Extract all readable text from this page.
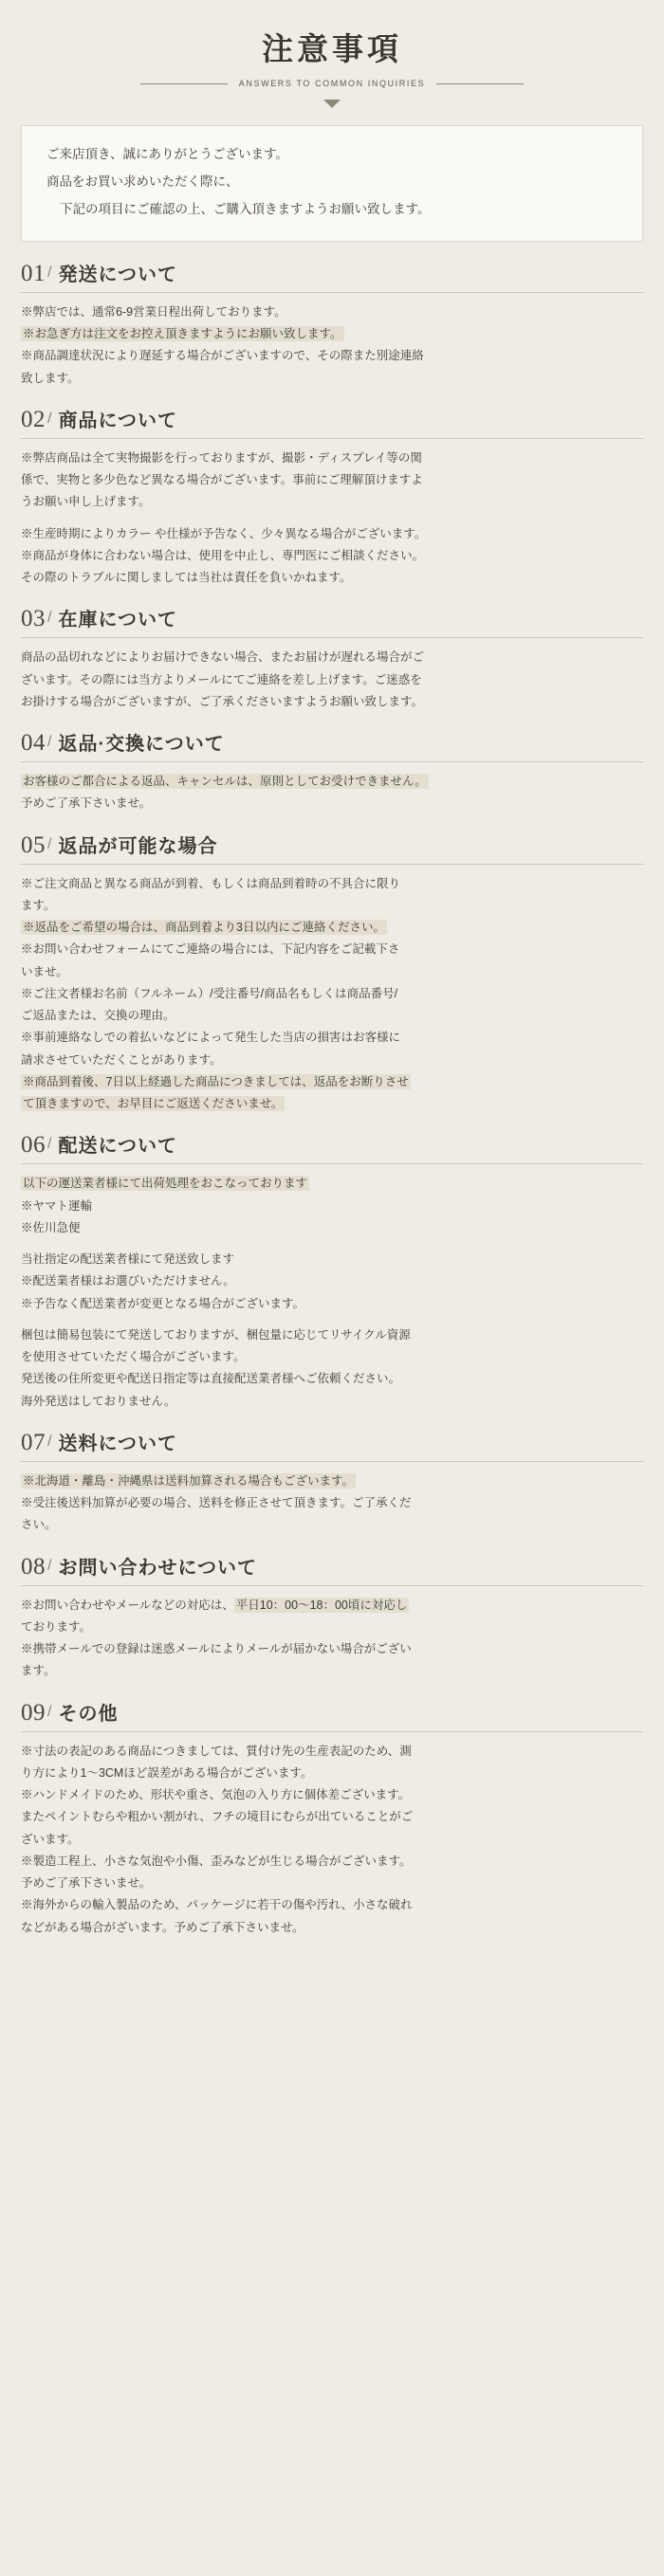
注意事項
ANSWERS TO COMMON INQUIRIES

ご来店頂き、誠にありがとうございます。

商品をお買い求めいただく際に、

下記の項目にご確認の上、ご購入頂きますようお願い致します。

01 / 発送について

※弊店では、通常6-9営業日程出荷しております。

※お急ぎ方は注文をお控え頂きますようにお願い致します。

※商品調達状況により遅延する場合がございますので、その際また別途連絡

致します。

02 / 商品について

※弊店商品は全て実物撮影を行っておりますが、撮影・ディスプレイ等の関

係で、実物と多少色など異なる場合がございます。事前にご理解頂けますよ

うお願い申し上げます。

※生産時期によりカラー や仕様が予告なく、少々異なる場合がございます。

※商品が身体に合わない場合は、使用を中止し、専門医にご相談ください。

その際のトラブルに関しましては当社は責任を負いかねます。

03 / 在庫について

商品の品切れなどによりお届けできない場合、またお届けが遅れる場合がご

ざいます。その際には当方よりメールにてご連絡を差し上げます。ご迷惑を

お掛けする場合がございますが、ご了承くださいますようお願い致します。

04 / 返品·交換について

お客様のご都合による返品、キャンセルは、原則としてお受けできません。

予めご了承下さいませ。

05 / 返品が可能な場合

※ご注文商品と異なる商品が到着、もしくは商品到着時の不具合に限り

ます。

※返品をご希望の場合は、商品到着より3日以内にご連絡ください。

※お問い合わせフォームにてご連絡の場合には、下記内容をご記載下さ

いませ。

※ご注文者様お名前（フルネーム）/受注番号/商品名もしくは商品番号/

ご返品または、交換の理由。

※事前連絡なしでの着払いなどによって発生した当店の損害はお客様に

請求させていただくことがあります。

※商品到着後、7日以上経過した商品につきましては、返品をお断りさせ

て頂きますので、お早目にご返送くださいませ。

06 / 配送について

以下の運送業者様にて出荷処理をおこなっております

※ヤマト運輸

※佐川急便

当社指定の配送業者様にて発送致します

※配送業者様はお選びいただけません。

※予告なく配送業者が変更となる場合がございます。

梱包は簡易包装にて発送しておりますが、梱包量に応じてリサイクル資源

を使用させていただく場合がございます。

発送後の住所変更や配送日指定等は直接配送業者様へご依頼ください。

海外発送はしておりません。

07 / 送料について

※北海道・離島・沖縄県は送料加算される場合もございます。

※受注後送料加算が必要の場合、送料を修正させて頂きます。ご了承くだ

さい。

08 / お問い合わせについて

※お問い合わせやメールなどの対応は、 平日10：00～18：00頃に対応し

ております。

※携帯メールでの登録は迷惑メールによりメールが届かない場合がござい

ます。

09 / その他

※寸法の表記のある商品につきましては、質付け先の生産表記のため、測

り方により1～3CMほど誤差がある場合がございます。

※ハンドメイドのため、形状や重さ、気泡の入り方に個体差ございます。

またペイントむらや粗かい割がれ、フチの境目にむらが出ていることがご

ざいます。

※製造工程上、小さな気泡や小傷、歪みなどが生じる場合がございます。

予めご了承下さいませ。

※海外からの輸入製品のため、パッケージに若干の傷や汚れ、小さな破れ

などがある場合がざいます。予めご了承下さいませ。
